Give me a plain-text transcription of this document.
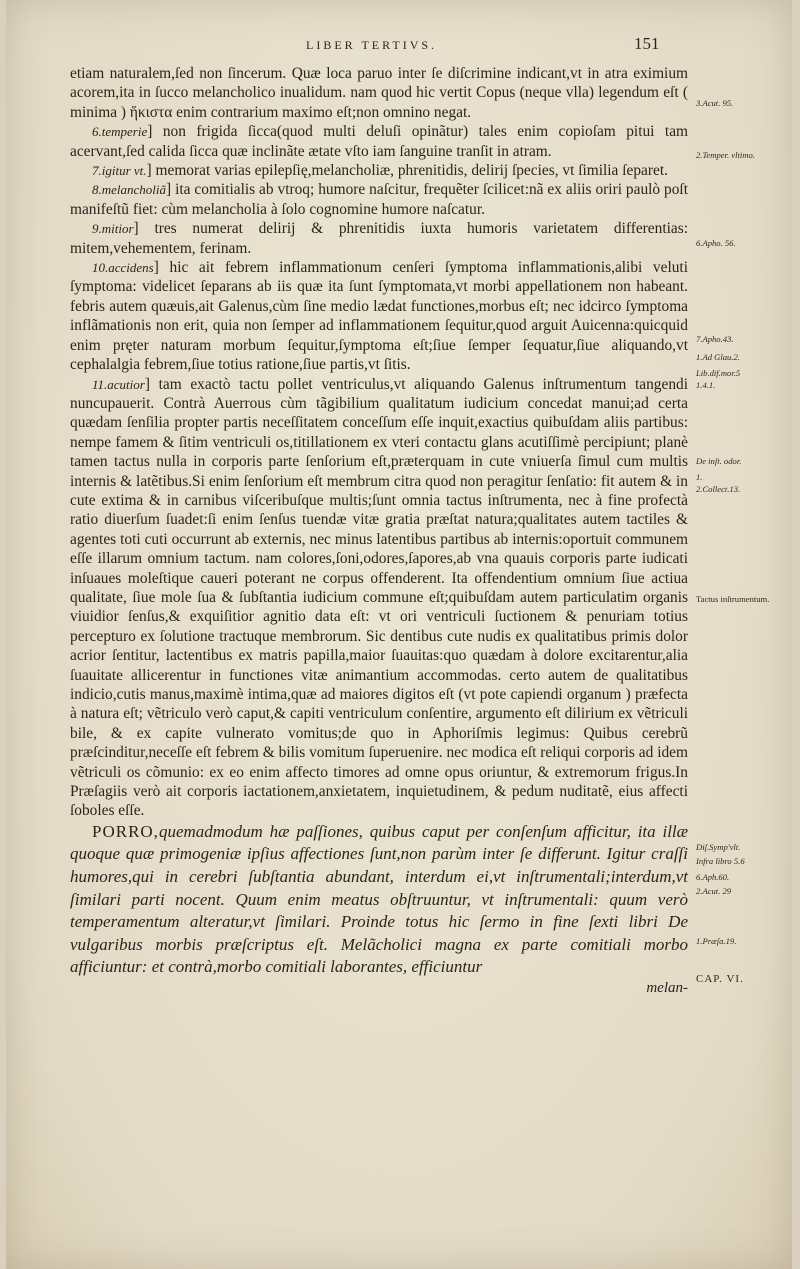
LIBER TERTIVS.	151

etiam naturalem,ſed non ſincerum. Quæ loca paruo inter ſe diſcrimine indicant,vt in atra eximium acorem,ita in ſucco melancholico inualidum. nam quod hic vertit Copus (neque vlla) legendum eſt ( minima ) ἥκιστα enim contrarium maximo eſt;non omnino negat.

6.temperie] non frigida ſicca(quod multi deluſi opinãtur) tales enim copioſam pitui tam acervant,ſed calida ſicca quæ inclinãte ætate vſto iam ſanguine tranſit in atram.

7.igitur vt.] memorat varias epilepſię,melancholiæ, phrenitidis, delirij ſpecies, vt ſimilia ſeparet.

8.melancholiã] ita comitialis ab vtroq; humore naſcitur, frequẽter ſcilicet:nã ex aliis oriri paulò poſt manifeſtũ fiet: cùm melancholia à ſolo cognomine humore naſcatur.

9.mitior] tres numerat delirij & phrenitidis iuxta humoris varietatem differentias: mitem,vehementem, ferinam.

10.accidens] hic ait febrem inflammationum cenſeri ſymptoma inflammationis,alibi veluti ſymptoma: videlicet ſeparans ab iis quæ ita ſunt ſymptomata,vt morbi appellationem non habeant. febris autem quæuis,ait Galenus,cùm ſine medio lædat functiones,morbus eſt; nec idcirco ſymptoma inflãmationis non erit, quia non ſemper ad inflammationem ſequitur,quod arguit Auicenna:quicquid enim pręter naturam morbum ſequitur,ſymptoma eſt;ſiue ſemper ſequatur,ſiue aliquando,vt cephalalgia febrem,ſiue totius ratione,ſiue partis,vt ſitis.

11.acutior] tam exactò tactu pollet ventriculus,vt aliquando Galenus inſtrumentum tangendi nuncupauerit. Contrà Auerrous cùm tãgibilium qualitatum iudicium concedat manui;ad certa quædam ſenſilia propter partis neceſſitatem conceſſum eſſe inquit,exactius quibuſdam aliis partibus: nempe famem & ſitim ventriculi os,titillationem ex vteri contactu glans acutiſſimè percipiunt; planè tamen tactus nulla in corporis parte ſenſorium eſt,præterquam in cute vniuerſa ſimul cum multis internis & latẽtibus.Si enim ſenſorium eſt membrum citra quod non peragitur ſenſatio: fit autem & in cute extima & in carnibus viſceribuſque multis;ſunt omnia tactus inſtrumenta, nec à fine profectà ratio diuerſum ſuadet:ſi enim ſenſus tuendæ vitæ gratia præſtat natura;qualitates autem tactiles & agentes toti cuti occurrunt ab externis, nec minus latentibus partibus ab internis:oportuit communem eſſe illarum omnium tactum. nam colores,ſoni,odores,ſapores,ab vna quauis corporis parte iudicati inſuaues moleſtique caueri poterant ne corpus offenderent. Ita offendentium omnium ſiue actiua qualitate, ſiue mole ſua & ſubſtantia iudicium commune eſt;quibuſdam autem particulatim organis viuidior ſenſus,& exquiſitior agnitio data eſt: vt ori ventriculi ſuctionem & penuriam totius percepturo ex ſolutione tractuque membrorum. Sic dentibus cute nudis ex qualitatibus primis dolor acrior ſentitur, lactentibus ex matris papilla,maior ſuauitas:quo quædam à dolore excitarentur,alia ſuauitate allicerentur in functiones vitæ animantium accommodas. certo autem de qualitatibus indicio,cutis manus,maximè intima,quæ ad maiores digitos eſt (vt pote capiendi organum ) præfecta à natura eſt; vẽtriculo verò caput,& capiti ventriculum conſentire, argumento eſt dilirium ex vẽtriculi bile, & ex capite vulnerato vomitus;de quo in Aphoriſmis legimus: Quibus cerebrũ præſcinditur,neceſſe eſt febrem & bilis vomitum ſuperuenire. nec modica eſt reliqui corporis ad idem vẽtriculi os cõmunio: ex eo enim affecto timores ad omne opus oriuntur, & extremorum frigus.In Præſagiis verò ait corporis iactationem,anxietatem, inquietudinem, & pedum nuditatẽ, eius affecti ſoboles eſſe.

PORRO,quemadmodum hæ paſſiones, quibus caput per conſenſum afficitur, ita illæ quoque quæ primogeniæ ipſius affectiones ſunt,non parùm inter ſe differunt. Igitur craſſi humores,qui in cerebri ſubſtantia abundant, interdum ei,vt inſtrumentali;interdum,vt ſimilari parti nocent. Quum enim meatus obſtruuntur, vt inſtrumentali: quum verò temperamentum alteratur,vt ſimilari. Proinde totus hic ſermo in fine ſexti libri De vulgaribus morbis præſcriptus eſt. Melãcholici magna ex parte comitiali morbo afficiuntur: et contrà,morbo comitiali laborantes, efficiuntur

melan-

3.Acut. 95.
2.Temper. vltimo.
6.Apho. 56.
7.Apho.43.
1.Ad Glau.2.
Lib.dif.mor.5
1.4.1.
De inſt. odor.
1.
2.Collect.13.
Tactus inſtrumentum.
Diſ.Symp'vlt.
Infra libro 5.6
6.Aph.60.
2.Acut. 29
1.Præſa.19.
CAP. VI.
